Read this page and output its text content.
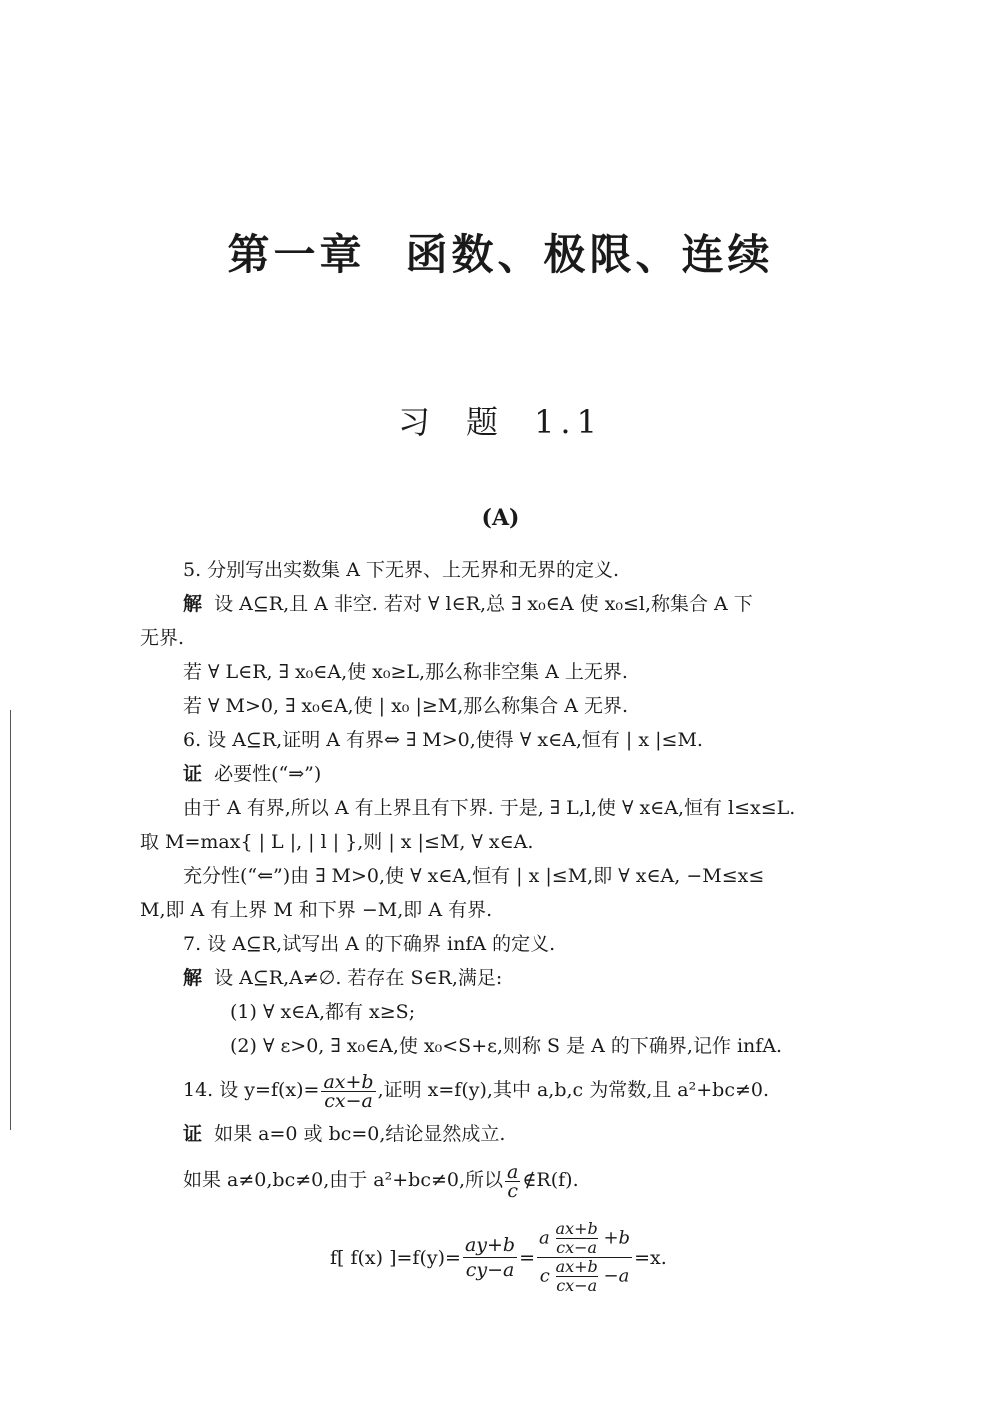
第一章 函数、极限、连续
习 题 1.1
(A)
5. 分别写出实数集 A 下无界、上无界和无界的定义.
解 设 A⊆R,且 A 非空. 若对 ∀ l∈R,总 ∃ x₀∈A 使 x₀≤l,称集合 A 下
无界.
若 ∀ L∈R, ∃ x₀∈A,使 x₀≥L,那么称非空集 A 上无界.
若 ∀ M>0, ∃ x₀∈A,使 | x₀ |≥M,那么称集合 A 无界.
6. 设 A⊆R,证明 A 有界⇔ ∃ M>0,使得 ∀ x∈A,恒有 | x |≤M.
证 必要性(“⇒”)
由于 A 有界,所以 A 有上界且有下界. 于是, ∃ L,l,使 ∀ x∈A,恒有 l≤x≤L.
取 M=max{ | L |, | l | },则 | x |≤M, ∀ x∈A.
充分性(“⇐”)由 ∃ M>0,使 ∀ x∈A,恒有 | x |≤M,即 ∀ x∈A, −M≤x≤
M,即 A 有上界 M 和下界 −M,即 A 有界.
7. 设 A⊆R,试写出 A 的下确界 infA 的定义.
解 设 A⊆R,A≠∅. 若存在 S∈R,满足:
(1) ∀ x∈A,都有 x≥S;
(2) ∀ ε>0, ∃ x₀∈A,使 x₀<S+ε,则称 S 是 A 的下确界,记作 infA.
14. 设 $y=f(x)= \frac{ax+b}{cx-a}$ ,证明 x=f(y),其中 a,b,c 为常数,且 a²+bc≠0.
证 如果 a=0 或 bc=0,结论显然成立.
如果 a≠0,bc≠0,由于 a²+bc≠0,所以 $\frac{a}{c}$ ∉R(f).
f[ f(x) ]$=f(y)= \frac{ay+b}{cy-a} = \frac{a \frac{ax+b}{cx-a} +b}{c \frac{ax+b}{cx-a} -a} =x$.
